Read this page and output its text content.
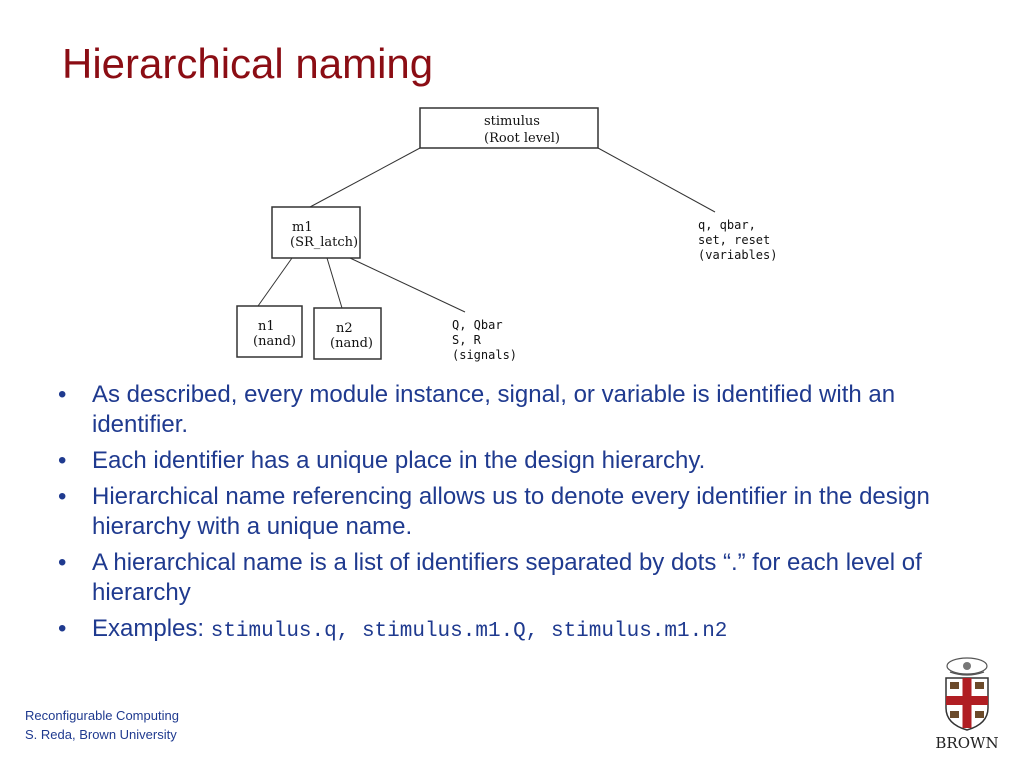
Hierarchical naming
stimulus
(Root level)
m1
(SR_latch)
n1
(nand)
n2
(nand)
q, qbar,
set, reset
(variables)
Q, Qbar
S, R
(signals)
• As described, every module instance, signal, or variable is identified with an identifier.
• Each identifier has a unique place in the design hierarchy.
• Hierarchical name referencing allows us to denote every identifier in the design hierarchy with a unique name.
• A hierarchical name is a list of identifiers separated by dots “.” for each level of hierarchy
• Examples: stimulus.q, stimulus.m1.Q, stimulus.m1.n2
Reconfigurable Computing
S. Reda, Brown University	BROWN
